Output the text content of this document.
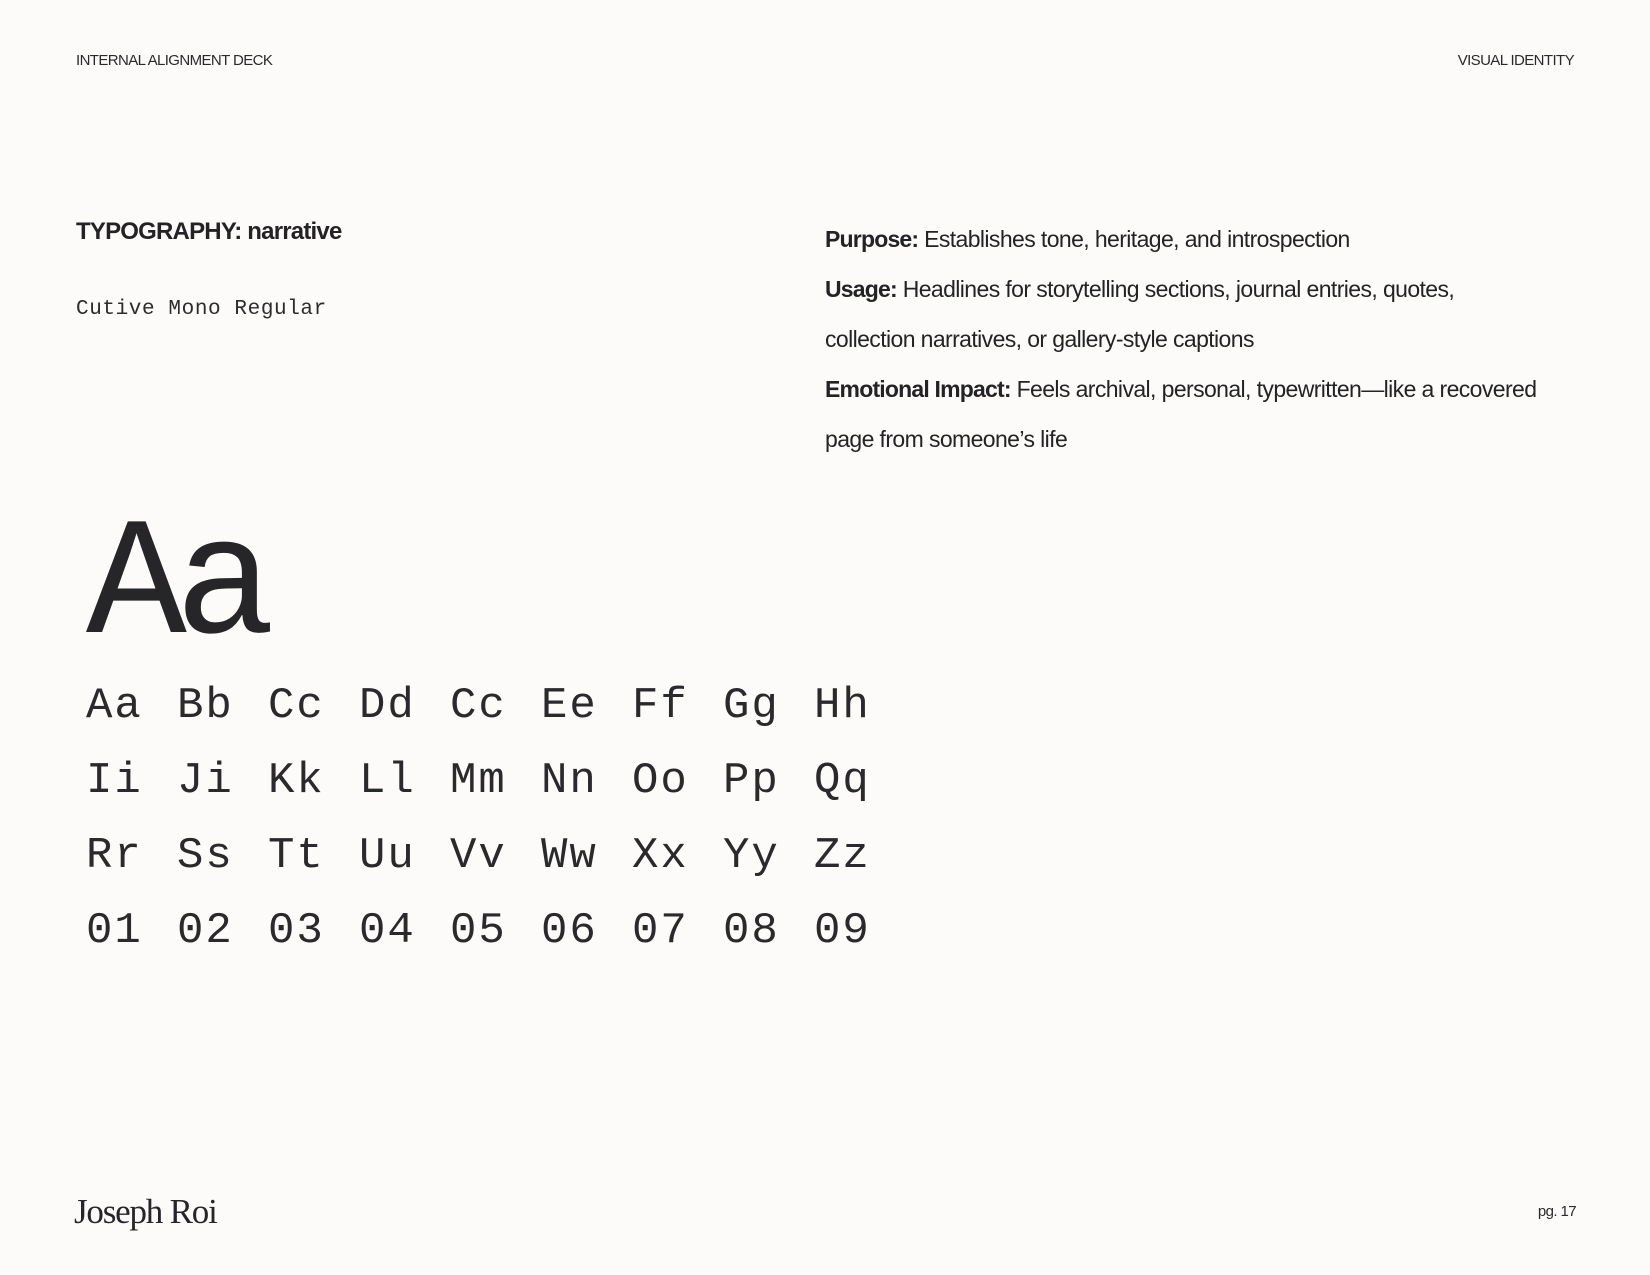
INTERNAL ALIGNMENT DECK	VISUAL IDENTITY
TYPOGRAPHY: narrative
Cutive Mono Regular

Purpose: Establishes tone, heritage, and introspection

Usage: Headlines for storytelling sections, journal entries, quotes, collection narratives, or gallery-style captions

Emotional Impact: Feels archival, personal, typewritten—like a recovered page from someone’s life

Aa
Aa Bb Cc Dd Cc Ee Ff Gg Hh
Ii Ji Kk Ll Mm Nn Oo Pp Qq
Rr Ss Tt Uu Vv Ww Xx Yy Zz
01 02 03 04 05 06 07 08 09
Joseph Roi	pg. 17
